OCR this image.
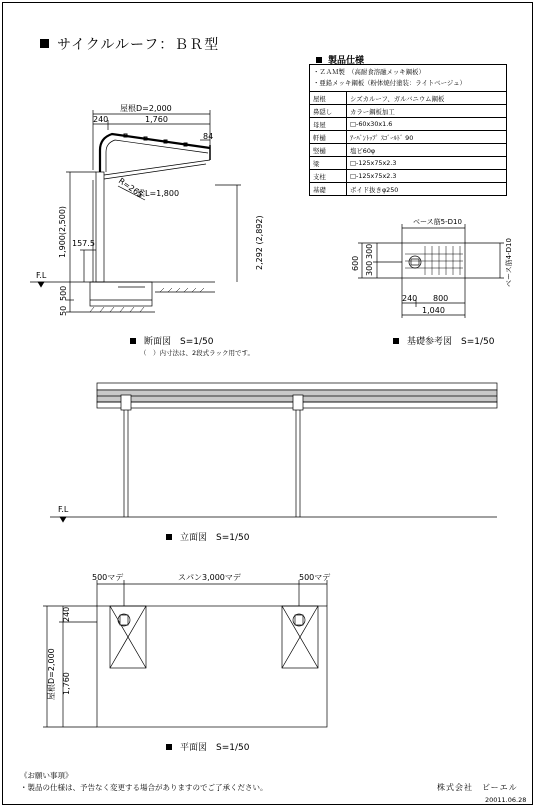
サイクルルーフ：ＢＲ型
製品仕様
・ＺＡＭ製　（高耐食溶融メッキ鋼板）
・亜鉛メッキ鋼板（粉体焼付塗装：ライトベージュ）	

屋根	シズカルーフ、ガルバニウム鋼板
鼻隠し	カラー鋼板加工
母屋	□-60x30x1.6
軒樋	ｱｰﾊﾞﾝﾄｯﾌﾟ ｽｺﾞｰﾙﾄﾞ 90
竪樋	塩ビ60φ
梁	□-125x75x2.3
支柱	□-125x75x2.3
基礎	ボイド抜きφ250
屋根D=2,000
240	1,760
84
R=265
梁L=1,800
1,900(2,500) 157.5	2,292 (2,892)
F.L
50
500
ベース筋5-D10
ベース筋4-D10
600
300
300
240 800
1,040
F.L
500マデ	スパン3,000マデ	500マデ
240
1,760
屋根D=2,000
断面図　S=1/50
（　）内寸法は、2段式ラック用です。
基礎参考図　S=1/50
立面図　S=1/50
平面図　S=1/50
《お願い事項》
・製品の仕様は、予告なく変更する場合がありますのでご了承ください。	株式会社　ビーエル
20011.06.28
